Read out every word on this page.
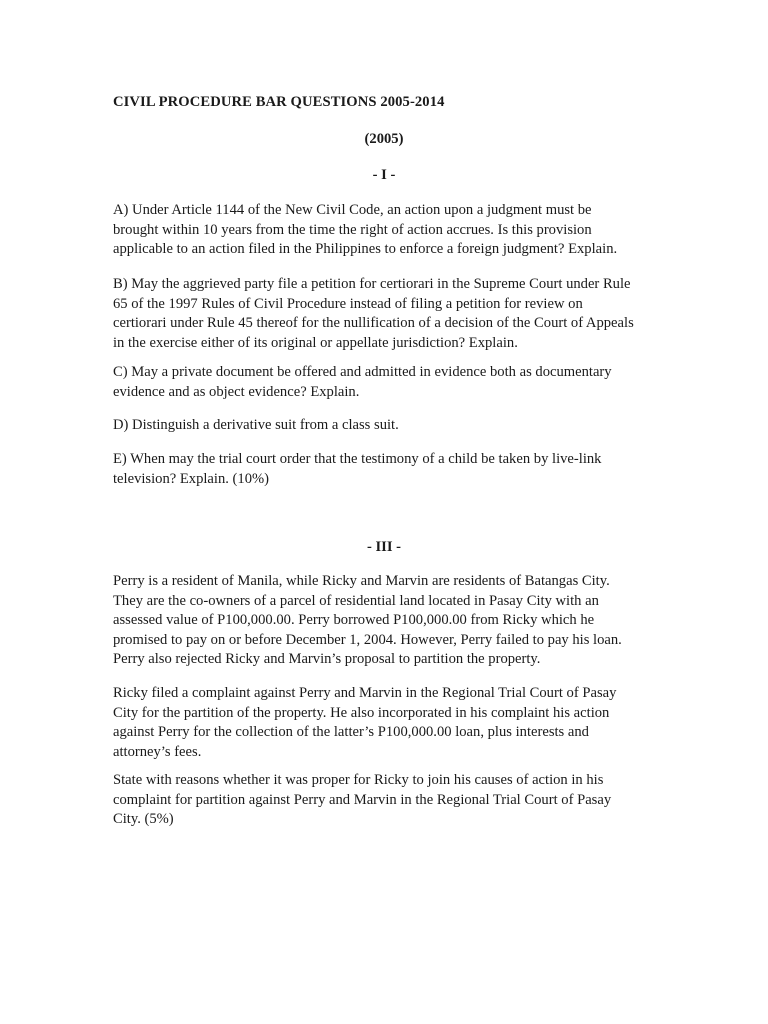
CIVIL PROCEDURE BAR QUESTIONS 2005-2014
(2005)
- I -

A) Under Article 1144 of the New Civil Code, an action upon a judgment must be
brought within 10 years from the time the right of action accrues. Is this provision
applicable to an action filed in the Philippines to enforce a foreign judgment? Explain.

B) May the aggrieved party file a petition for certiorari in the Supreme Court under Rule
65 of the 1997 Rules of Civil Procedure instead of filing a petition for review on
certiorari under Rule 45 thereof for the nullification of a decision of the Court of Appeals
in the exercise either of its original or appellate jurisdiction? Explain.

C) May a private document be offered and admitted in evidence both as documentary
evidence and as object evidence? Explain.

D) Distinguish a derivative suit from a class suit.

E) When may the trial court order that the testimony of a child be taken by live-link
television? Explain. (10%)

- III -

Perry is a resident of Manila, while Ricky and Marvin are residents of Batangas City.
They are the co-owners of a parcel of residential land located in Pasay City with an
assessed value of P100,000.00. Perry borrowed P100,000.00 from Ricky which he
promised to pay on or before December 1, 2004. However, Perry failed to pay his loan.
Perry also rejected Ricky and Marvin’s proposal to partition the property.

Ricky filed a complaint against Perry and Marvin in the Regional Trial Court of Pasay
City for the partition of the property. He also incorporated in his complaint his action
against Perry for the collection of the latter’s P100,000.00 loan, plus interests and
attorney’s fees.

State with reasons whether it was proper for Ricky to join his causes of action in his
complaint for partition against Perry and Marvin in the Regional Trial Court of Pasay
City. (5%)
